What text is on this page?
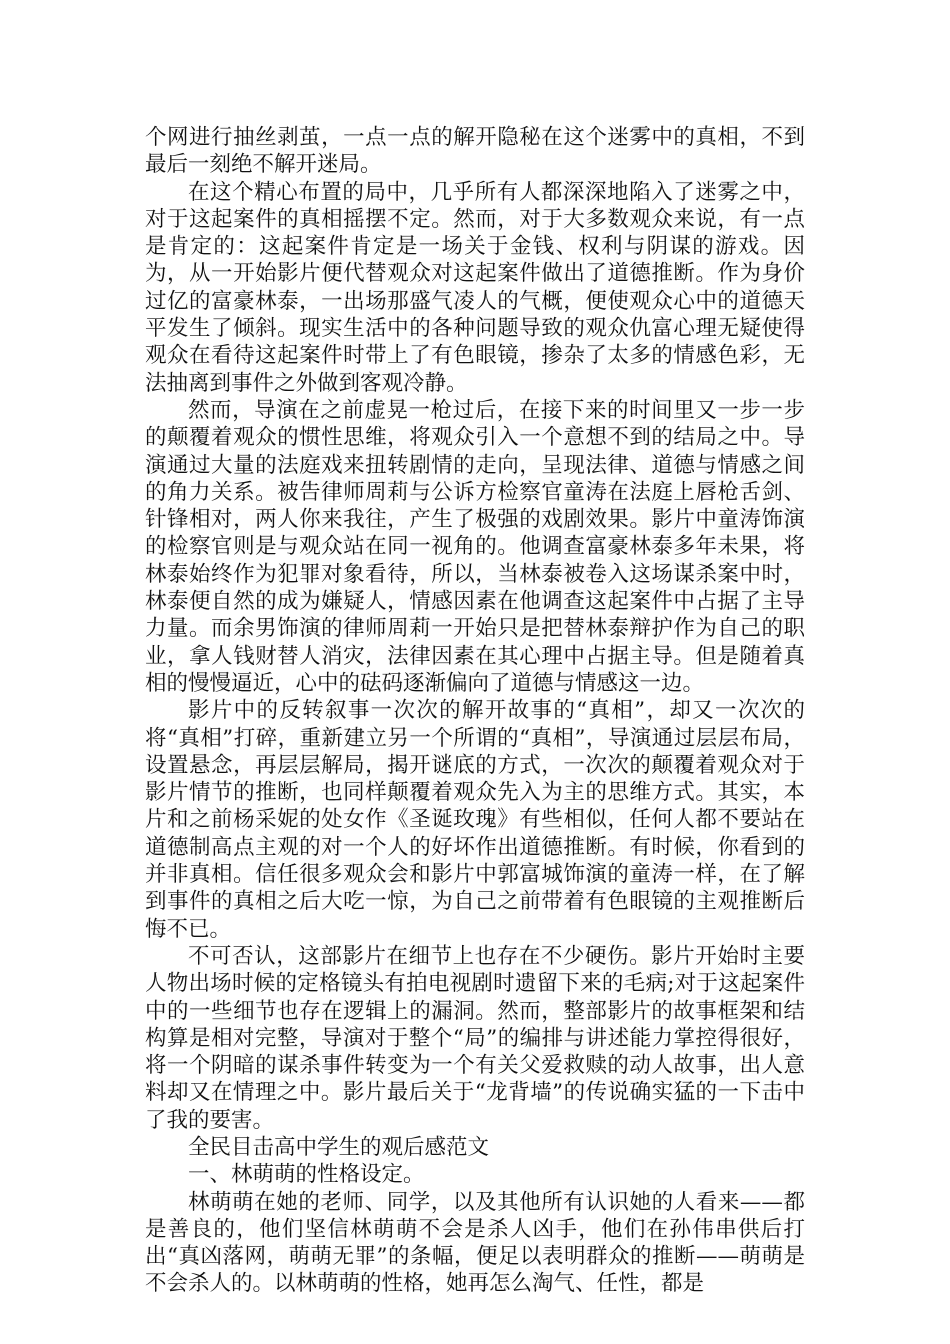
个网进行抽丝剥茧，一点一点的解开隐秘在这个迷雾中的真相，不到最后一刻绝不解开迷局。

在这个精心布置的局中，几乎所有人都深深地陷入了迷雾之中，对于这起案件的真相摇摆不定。然而，对于大多数观众来说，有一点是肯定的：这起案件肯定是一场关于金钱、权利与阴谋的游戏。因为，从一开始影片便代替观众对这起案件做出了道德推断。作为身价过亿的富豪林泰，一出场那盛气凌人的气概，便使观众心中的道德天平发生了倾斜。现实生活中的各种问题导致的观众仇富心理无疑使得观众在看待这起案件时带上了有色眼镜，掺杂了太多的情感色彩，无法抽离到事件之外做到客观冷静。

然而，导演在之前虚晃一枪过后，在接下来的时间里又一步一步的颠覆着观众的惯性思维，将观众引入一个意想不到的结局之中。导演通过大量的法庭戏来扭转剧情的走向，呈现法律、道德与情感之间的角力关系。被告律师周莉与公诉方检察官童涛在法庭上唇枪舌剑、针锋相对，两人你来我往，产生了极强的戏剧效果。影片中童涛饰演的检察官则是与观众站在同一视角的。他调查富豪林泰多年未果，将林泰始终作为犯罪对象看待，所以，当林泰被卷入这场谋杀案中时，林泰便自然的成为嫌疑人，情感因素在他调查这起案件中占据了主导力量。而余男饰演的律师周莉一开始只是把替林泰辩护作为自己的职业，拿人钱财替人消灾，法律因素在其心理中占据主导。但是随着真相的慢慢逼近，心中的砝码逐渐偏向了道德与情感这一边。

影片中的反转叙事一次次的解开故事的“真相”，却又一次次的将“真相”打碎，重新建立另一个所谓的“真相”，导演通过层层布局，设置悬念，再层层解局，揭开谜底的方式，一次次的颠覆着观众对于影片情节的推断，也同样颠覆着观众先入为主的思维方式。其实，本片和之前杨采妮的处女作《圣诞玫瑰》有些相似，任何人都不要站在道德制高点主观的对一个人的好坏作出道德推断。有时候，你看到的并非真相。信任很多观众会和影片中郭富城饰演的童涛一样，在了解到事件的真相之后大吃一惊，为自己之前带着有色眼镜的主观推断后悔不已。

不可否认，这部影片在细节上也存在不少硬伤。影片开始时主要人物出场时候的定格镜头有拍电视剧时遗留下来的毛病;对于这起案件中的一些细节也存在逻辑上的漏洞。然而，整部影片的故事框架和结构算是相对完整，导演对于整个“局”的编排与讲述能力掌控得很好，将一个阴暗的谋杀事件转变为一个有关父爱救赎的动人故事，出人意料却又在情理之中。影片最后关于“龙背墙”的传说确实猛的一下击中了我的要害。

全民目击高中学生的观后感范文

一、林萌萌的性格设定。

林萌萌在她的老师、同学，以及其他所有认识她的人看来——都是善良的，他们坚信林萌萌不会是杀人凶手，他们在孙伟串供后打出“真凶落网，萌萌无罪”的条幅，便足以表明群众的推断——萌萌是不会杀人的。以林萌萌的性格，她再怎么淘气、任性，都是
